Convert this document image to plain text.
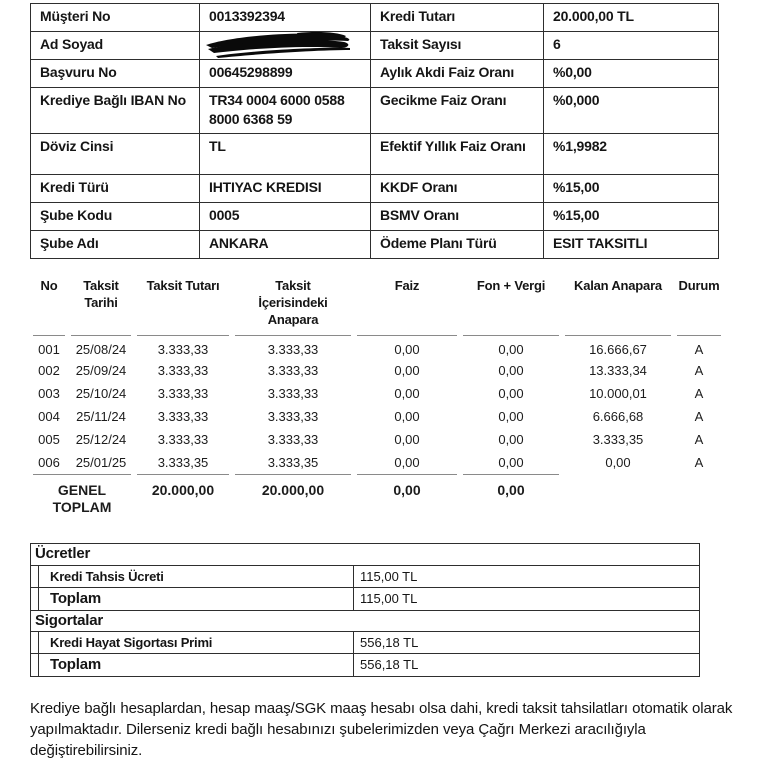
Müşteri No	0013392394	Kredi Tutarı	20.000,00 TL
Ad Soyad		Taksit Sayısı	6
Başvuru No	00645298899	Aylık Akdi Faiz Oranı	%0,00
Krediye Bağlı IBAN No	TR34 0004 6000 0588 8000 6368 59	Gecikme Faiz Oranı	%0,000
Döviz Cinsi	TL	Efektif Yıllık Faiz Oranı	%1,9982
Kredi Türü	IHTIYAC KREDISI	KKDF Oranı	%15,00
Şube Kodu	0005	BSMV Oranı	%15,00
Şube Adı	ANKARA	Ödeme Planı Türü	ESIT TAKSITLI
No	Taksit Tarihi	Taksit Tutarı	Taksit İçerisindeki Anapara	Faiz	Fon + Vergi	Kalan Anapara	Durum
001	25/08/24	3.333,33	3.333,33	0,00	0,00	16.666,67	A
002	25/09/24	3.333,33	3.333,33	0,00	0,00	13.333,34	A
003	25/10/24	3.333,33	3.333,33	0,00	0,00	10.000,01	A
004	25/11/24	3.333,33	3.333,33	0,00	0,00	6.666,68	A
005	25/12/24	3.333,33	3.333,33	0,00	0,00	3.333,35	A
006	25/01/25	3.333,35	3.333,35	0,00	0,00	0,00	A
GENEL TOPLAM		20.000,00	20.000,00	0,00	0,00		
Ücretler
Kredi Tahsis Ücreti	115,00 TL
Toplam	115,00 TL
Sigortalar
Kredi Hayat Sigortası Primi	556,18 TL
Toplam	556,18 TL

Krediye bağlı hesaplardan, hesap maaş/SGK maaş hesabı olsa dahi, kredi taksit tahsilatları otomatik olarak yapılmaktadır. Dilerseniz kredi bağlı hesabınızı şubelerimizden veya Çağrı Merkezi aracılığıyla değiştirebilirsiniz.
